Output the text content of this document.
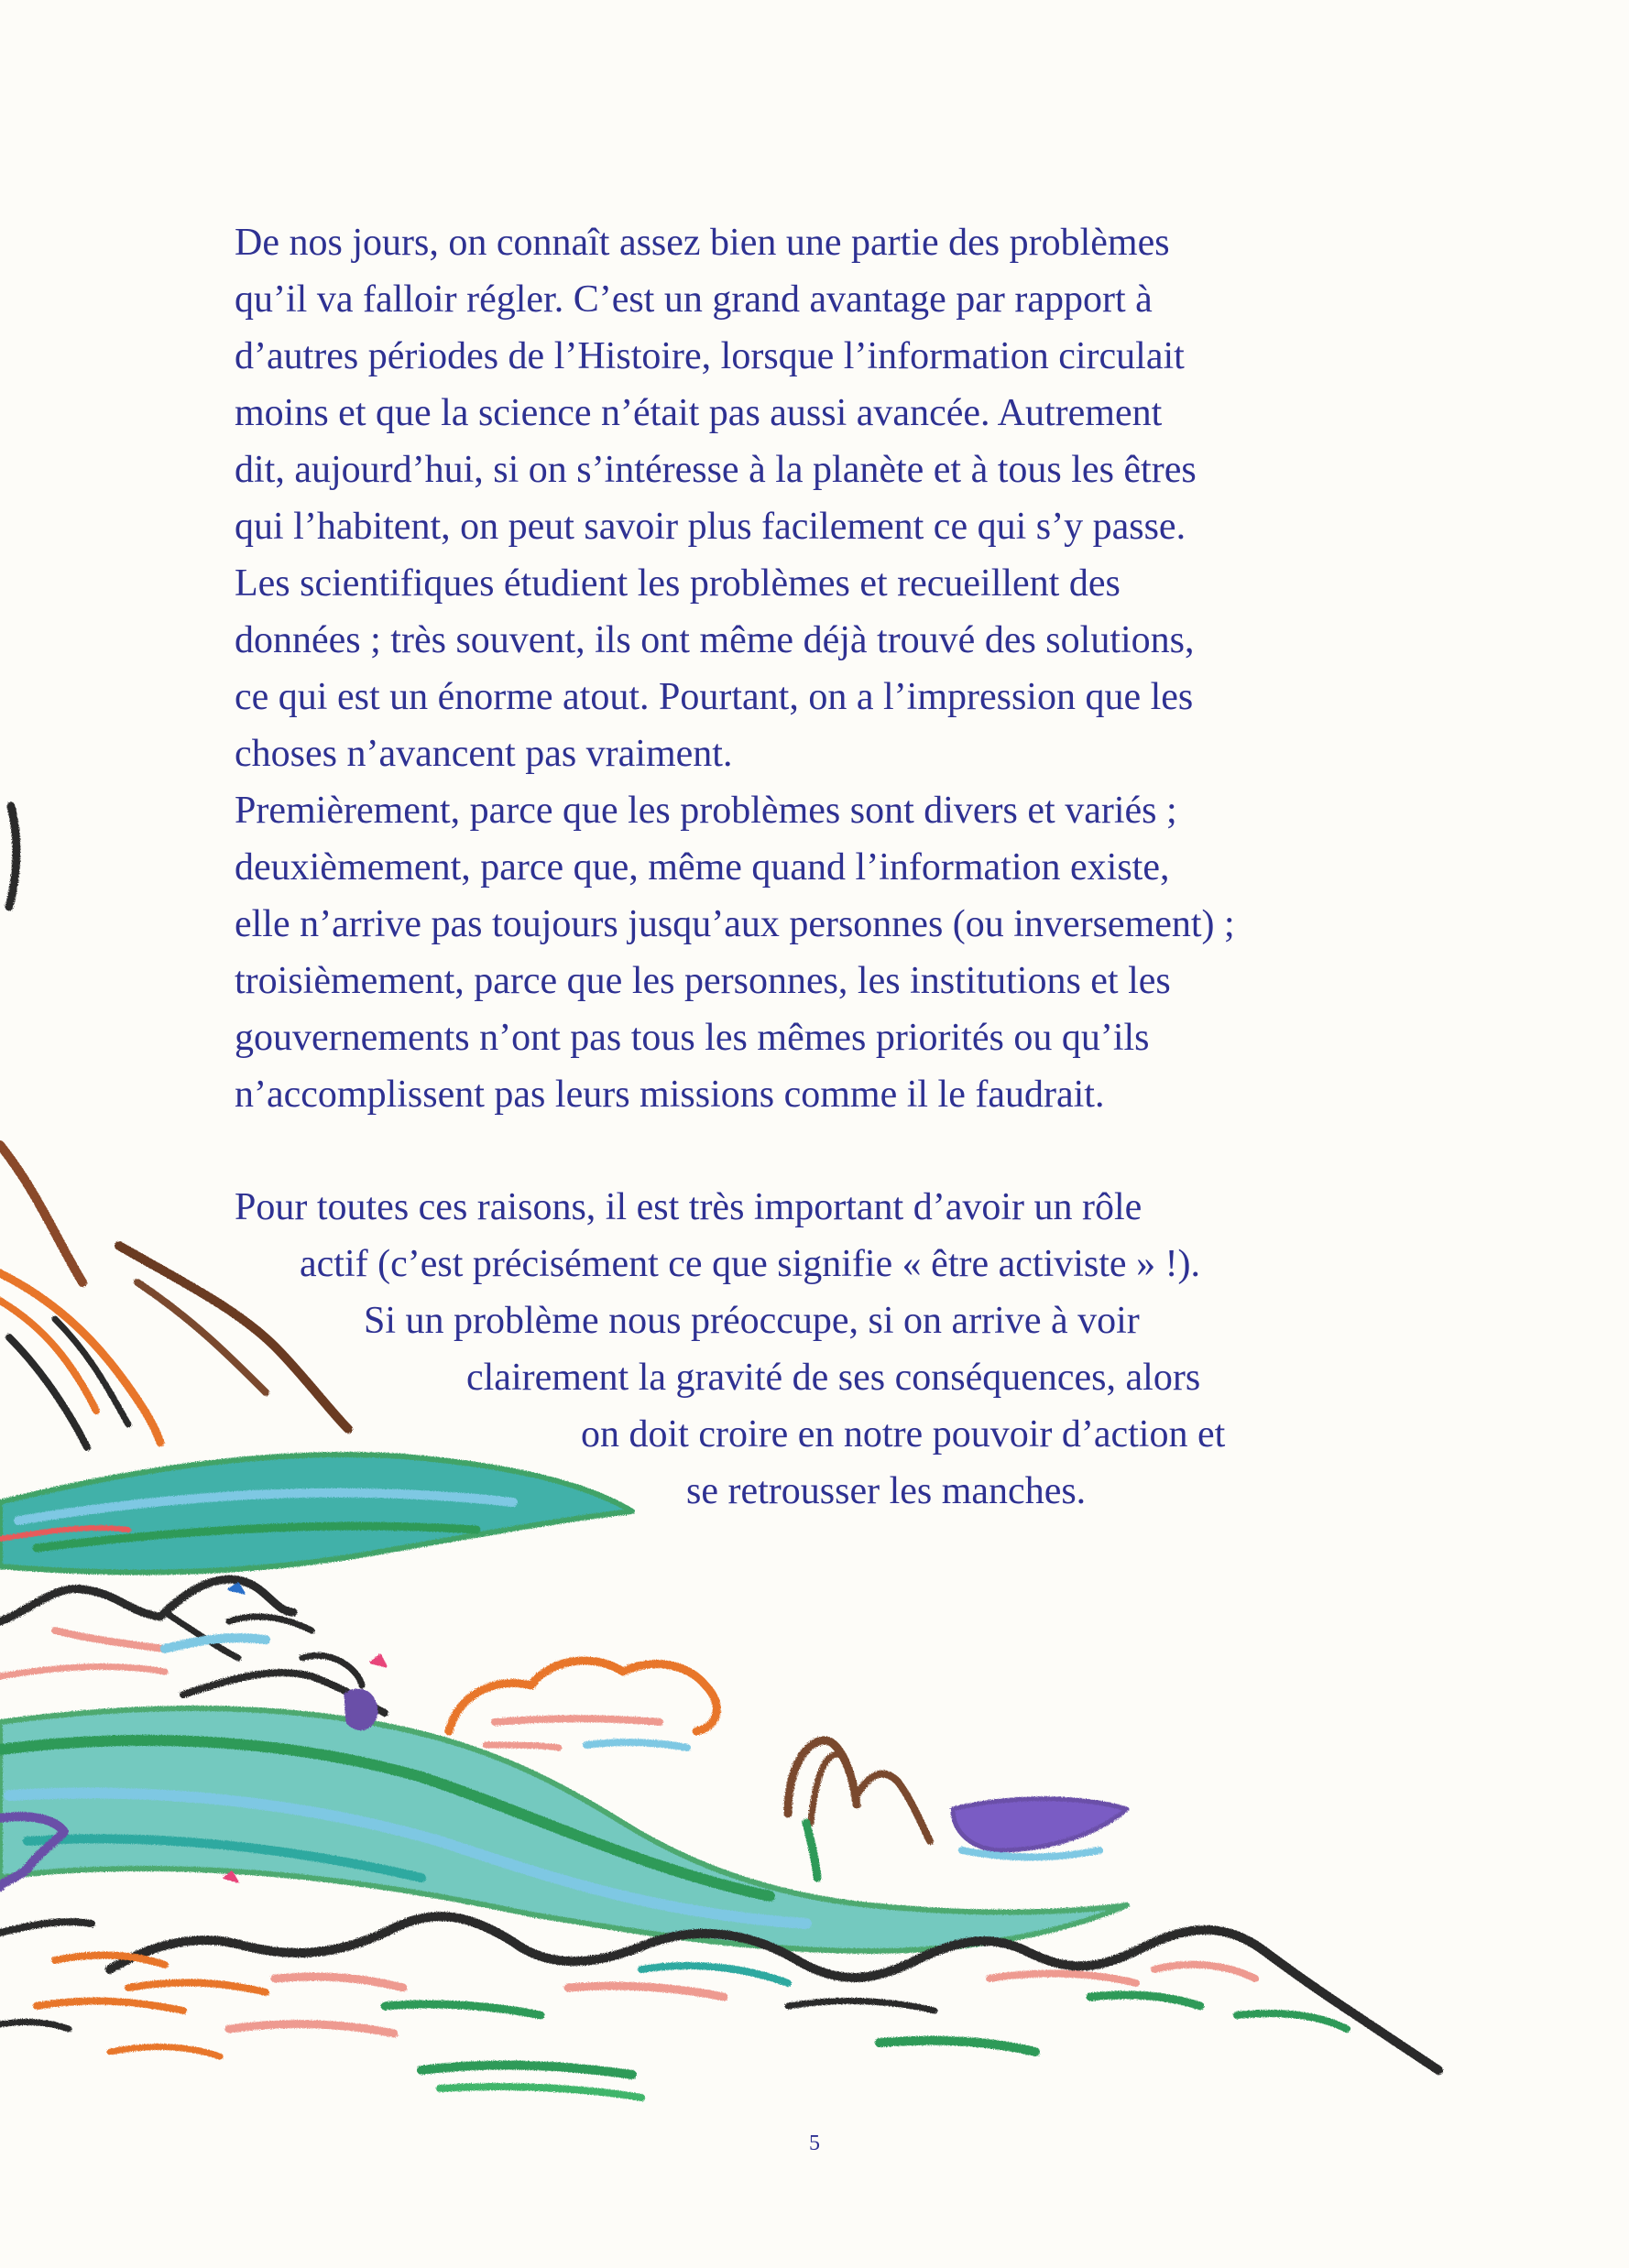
De nos jours, on connaît assez bien une partie des problèmes
qu’il va falloir régler. C’est un grand avantage par rapport à
d’autres périodes de l’Histoire, lorsque l’information circulait
moins et que la science n’était pas aussi avancée. Autrement
dit, aujourd’hui, si on s’intéresse à la planète et à tous les êtres
qui l’habitent, on peut savoir plus facilement ce qui s’y passe.
Les scientifiques étudient les problèmes et recueillent des
données ; très souvent, ils ont même déjà trouvé des solutions,
ce qui est un énorme atout. Pourtant, on a l’impression que les
choses n’avancent pas vraiment.
Premièrement, parce que les problèmes sont divers et variés ;
deuxièmement, parce que, même quand l’information existe,
elle n’arrive pas toujours jusqu’aux personnes (ou inversement) ;
troisièmement, parce que les personnes, les institutions et les
gouvernements n’ont pas tous les mêmes priorités ou qu’ils
n’accomplissent pas leurs missions comme il le faudrait.
Pour toutes ces raisons, il est très important d’avoir un rôle
actif (c’est précisément ce que signifie « être activiste » !).
Si un problème nous préoccupe, si on arrive à voir
clairement la gravité de ses conséquences, alors
on doit croire en notre pouvoir d’action et
se retrousser les manches.
5
